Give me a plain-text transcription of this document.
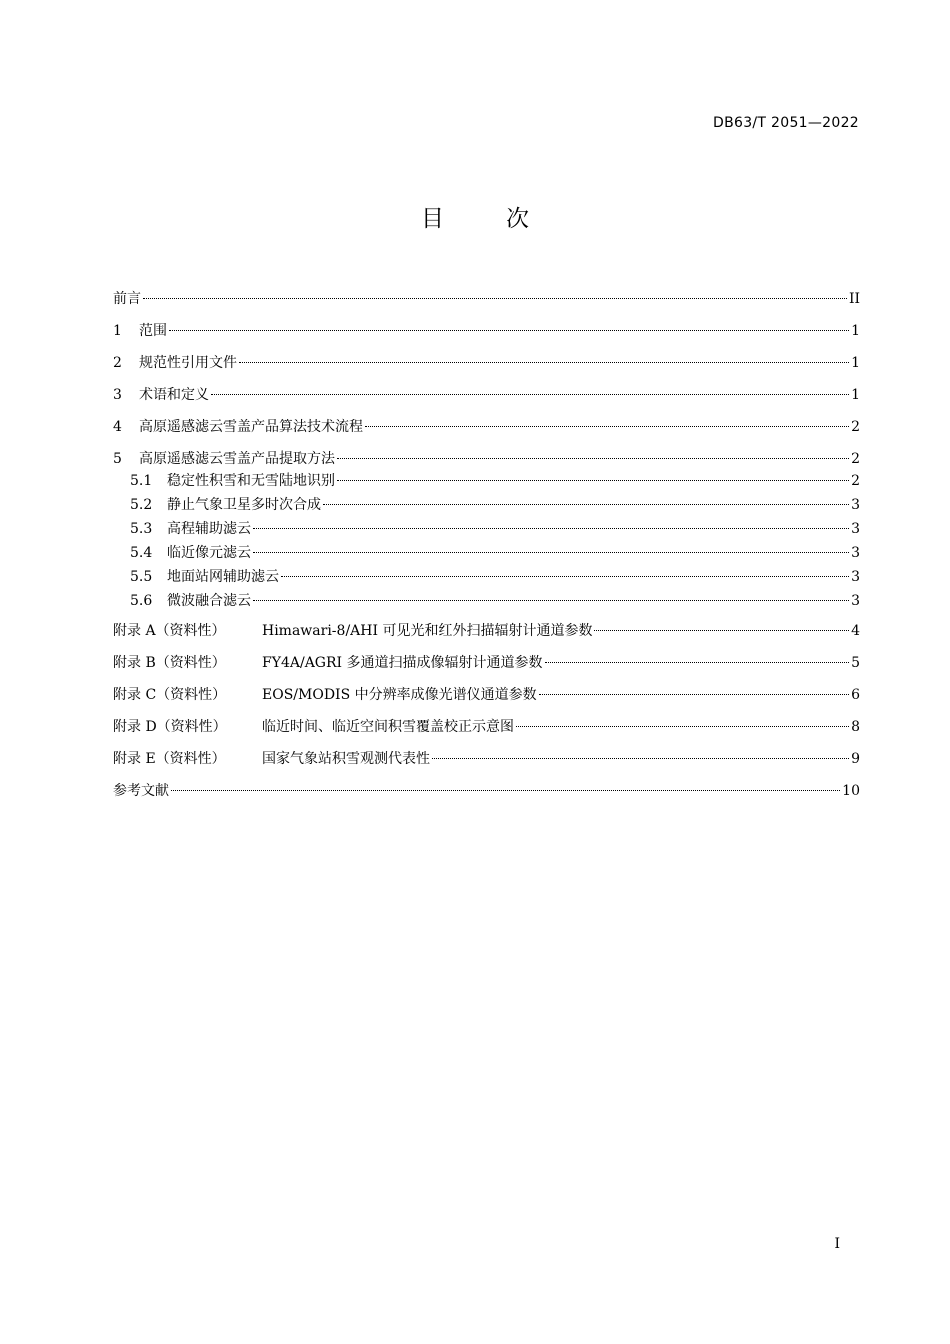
DB63/T 2051—2022
目次
前言	II
1	范围	1
2	规范性引用文件	1
3	术语和定义	1
4	高原遥感滤云雪盖产品算法技术流程	2
5	高原遥感滤云雪盖产品提取方法	2
5.1	稳定性积雪和无雪陆地识别	2
5.2	静止气象卫星多时次合成	3
5.3	高程辅助滤云	3
5.4	临近像元滤云	3
5.5	地面站网辅助滤云	3
5.6	微波融合滤云	3
附录 A（资料性）	Himawari-8/AHI 可见光和红外扫描辐射计通道参数	4
附录 B（资料性）	FY4A/AGRI 多通道扫描成像辐射计通道参数	5
附录 C（资料性）	EOS/MODIS 中分辨率成像光谱仪通道参数	6
附录 D（资料性）	临近时间、临近空间积雪覆盖校正示意图	8
附录 E（资料性）	国家气象站积雪观测代表性	9
参考文献	10
I
